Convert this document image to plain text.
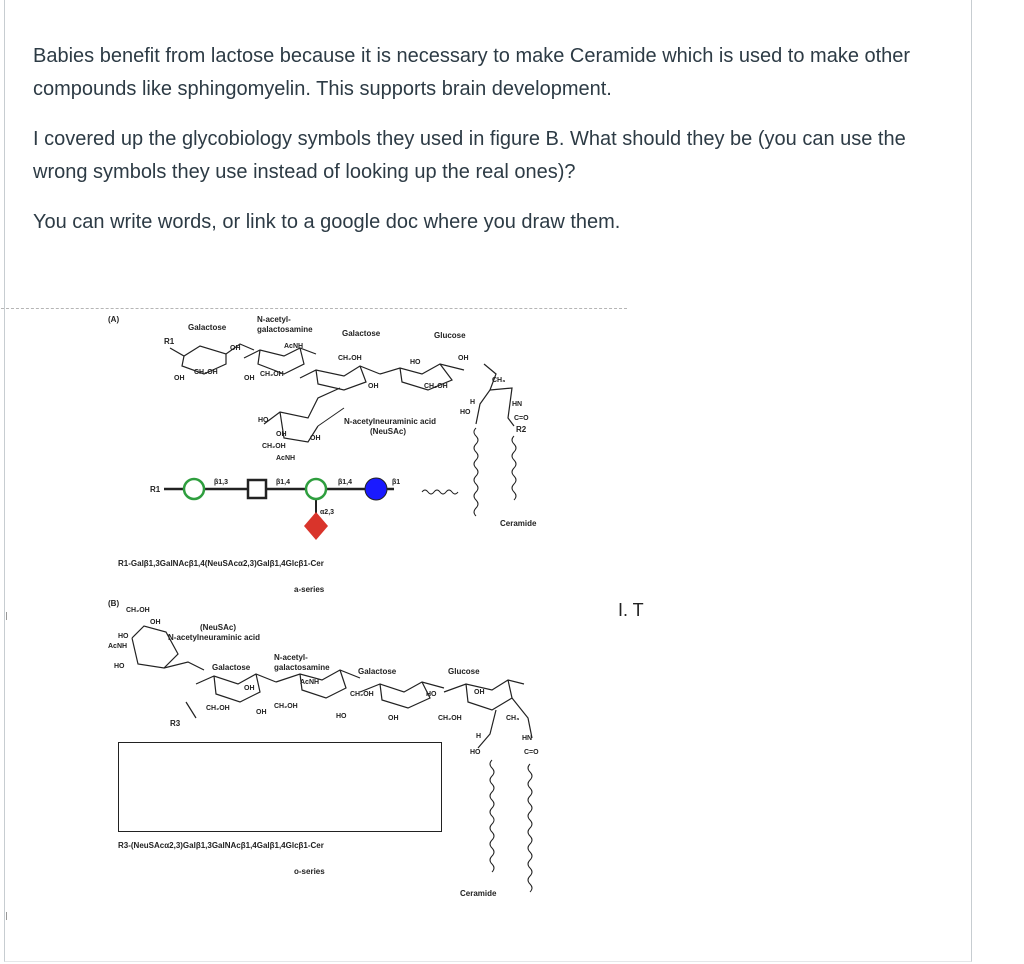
Babies benefit from lactose because it is necessary to make Ceramide which is used to make other compounds like sphingomyelin. This supports brain development.

I covered up the glycobiology symbols they used in figure B. What should they be (you can use the wrong symbols they use instead of looking up the real ones)?

You can write words, or link to a google doc where you draw them.

(A)
Galactose
N-acetyl-
galactosamine	Galactose	Glucose
R1
OH
CH₂OH
OH
OH
CH₂OH
AcNH
CH₂OH
HO
OH
OH	CH₂OH
HO
OH
CH₂OH
OH
AcNH
CH₃
HN
C=O
HO
H
R2
N-acetylneuraminic acid
(NeuSAc)
Ceramide
R1
β1,3	β1,4	β1,4	β1
α2,3
R1-Galβ1,3GalNAcβ1,4(NeuSAcα2,3)Galβ1,4Glcβ1-Cer
a-series
(B)
CH₂OH
OH
HO
AcNH
HO
(NeuSAc)
N-acetylneuraminic acid
Galactose
N-acetyl-
galactosamine	Galactose	Glucose
CH₂OH
OH
OH
CH₂OH
AcNH
CH₂OH
HO	OH
HO	OH
CH₂OH	CH₃
HN
C=O
H
HO
R3
Ceramide
R3-(NeuSAcα2,3)Galβ1,3GalNAcβ1,4Galβ1,4Glcβ1-Cer
o-series
I. T
